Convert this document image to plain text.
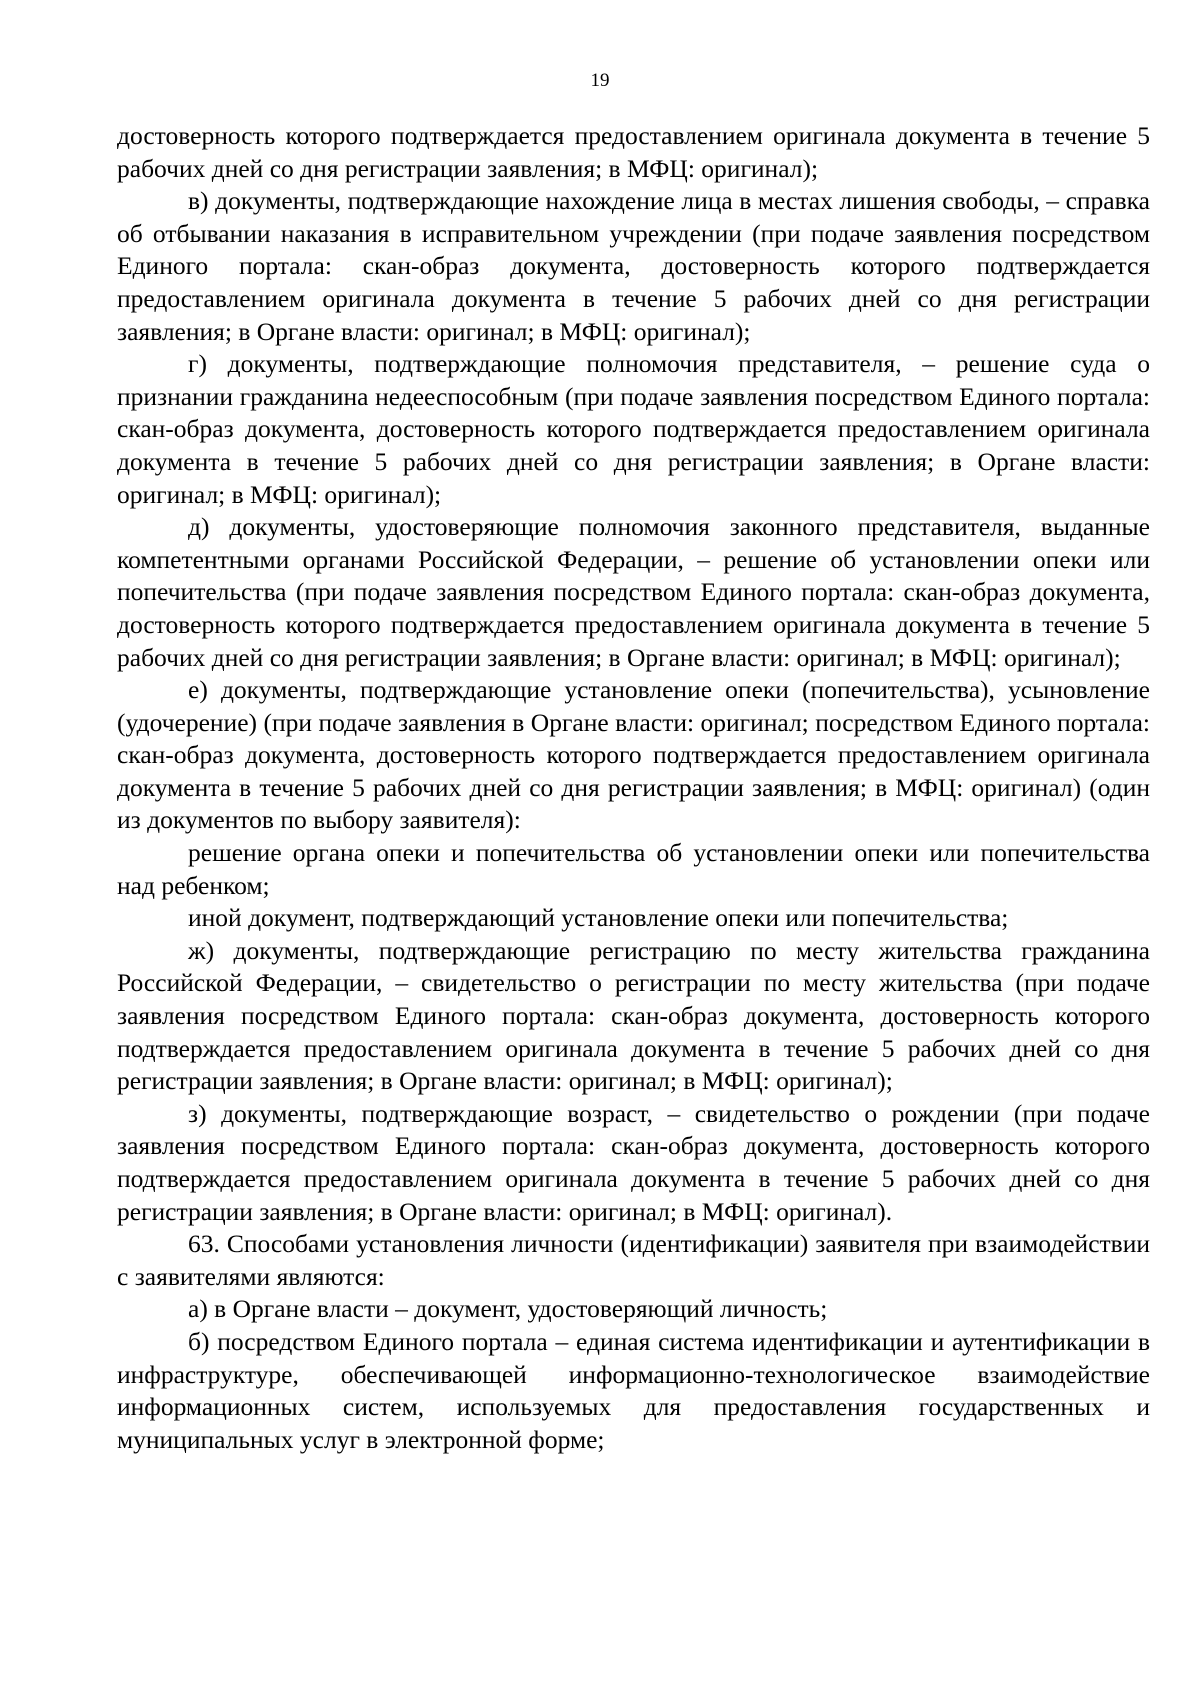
19

достоверность которого подтверждается предоставлением оригинала документа в течение 5 рабочих дней со дня регистрации заявления; в МФЦ: оригинал);

в) документы, подтверждающие нахождение лица в местах лишения свободы, – справка об отбывании наказания в исправительном учреждении (при подаче заявления посредством Единого портала: скан-образ документа, достоверность которого подтверждается предоставлением оригинала документа в течение 5 рабочих дней со дня регистрации заявления; в Органе власти: оригинал; в МФЦ: оригинал);

г) документы, подтверждающие полномочия представителя, – решение суда о признании гражданина недееспособным (при подаче заявления посредством Единого портала: скан-образ документа, достоверность которого подтверждается предоставлением оригинала документа в течение 5 рабочих дней со дня регистрации заявления; в Органе власти: оригинал; в МФЦ: оригинал);

д) документы, удостоверяющие полномочия законного представителя, выданные компетентными органами Российской Федерации, – решение об установлении опеки или попечительства (при подаче заявления посредством Единого портала: скан-образ документа, достоверность которого подтверждается предоставлением оригинала документа в течение 5 рабочих дней со дня регистрации заявления; в Органе власти: оригинал; в МФЦ: оригинал);

е) документы, подтверждающие установление опеки (попечительства), усыновление (удочерение) (при подаче заявления в Органе власти: оригинал; посредством Единого портала: скан-образ документа, достоверность которого подтверждается предоставлением оригинала документа в течение 5 рабочих дней со дня регистрации заявления; в МФЦ: оригинал) (один из документов по выбору заявителя):

решение органа опеки и попечительства об установлении опеки или попечительства над ребенком;

иной документ, подтверждающий установление опеки или попечительства;

ж) документы, подтверждающие регистрацию по месту жительства гражданина Российской Федерации, – свидетельство о регистрации по месту жительства (при подаче заявления посредством Единого портала: скан-образ документа, достоверность которого подтверждается предоставлением оригинала документа в течение 5 рабочих дней со дня регистрации заявления; в Органе власти: оригинал; в МФЦ: оригинал);

з) документы, подтверждающие возраст, – свидетельство о рождении (при подаче заявления посредством Единого портала: скан-образ документа, достоверность которого подтверждается предоставлением оригинала документа в течение 5 рабочих дней со дня регистрации заявления; в Органе власти: оригинал; в МФЦ: оригинал).

63. Способами установления личности (идентификации) заявителя при взаимодействии с заявителями являются:

а) в Органе власти – документ, удостоверяющий личность;

б) посредством Единого портала – единая система идентификации и аутентификации в инфраструктуре, обеспечивающей информационно-технологическое взаимодействие информационных систем, используемых для предоставления государственных и муниципальных услуг в электронной форме;
